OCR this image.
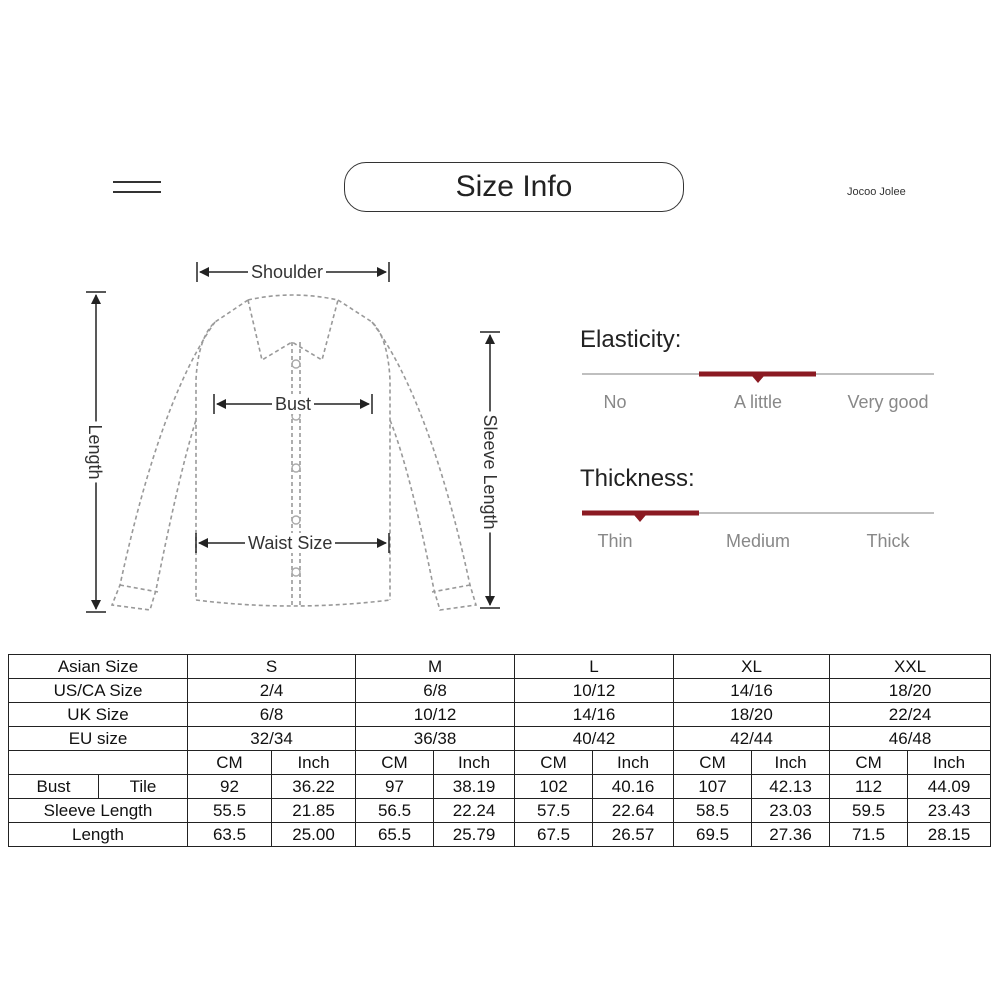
Size Info	Jocoo Jolee
Shoulder
Bust
Waist Size
Length	Sleeve Length
Elasticity:
No	A little	Very good
Thickness:
Thin	Medium	Thick
Asian Size		S		M		L		XL		XXL	
US/CA Size		2/4		6/8		10/12		14/16		18/20	
UK Size		6/8		10/12		14/16		18/20		22/24	
EU size		32/34		36/38		40/42		42/44		46/48	
		CM	Inch	CM	Inch	CM	Inch	CM	Inch	CM	Inch
Bust	Tile	92	36.22	97	38.19	102	40.16	107	42.13	112	44.09
Sleeve Length		55.5	21.85	56.5	22.24	57.5	22.64	58.5	23.03	59.5	23.43
Length		63.5	25.00	65.5	25.79	67.5	26.57	69.5	27.36	71.5	28.15
